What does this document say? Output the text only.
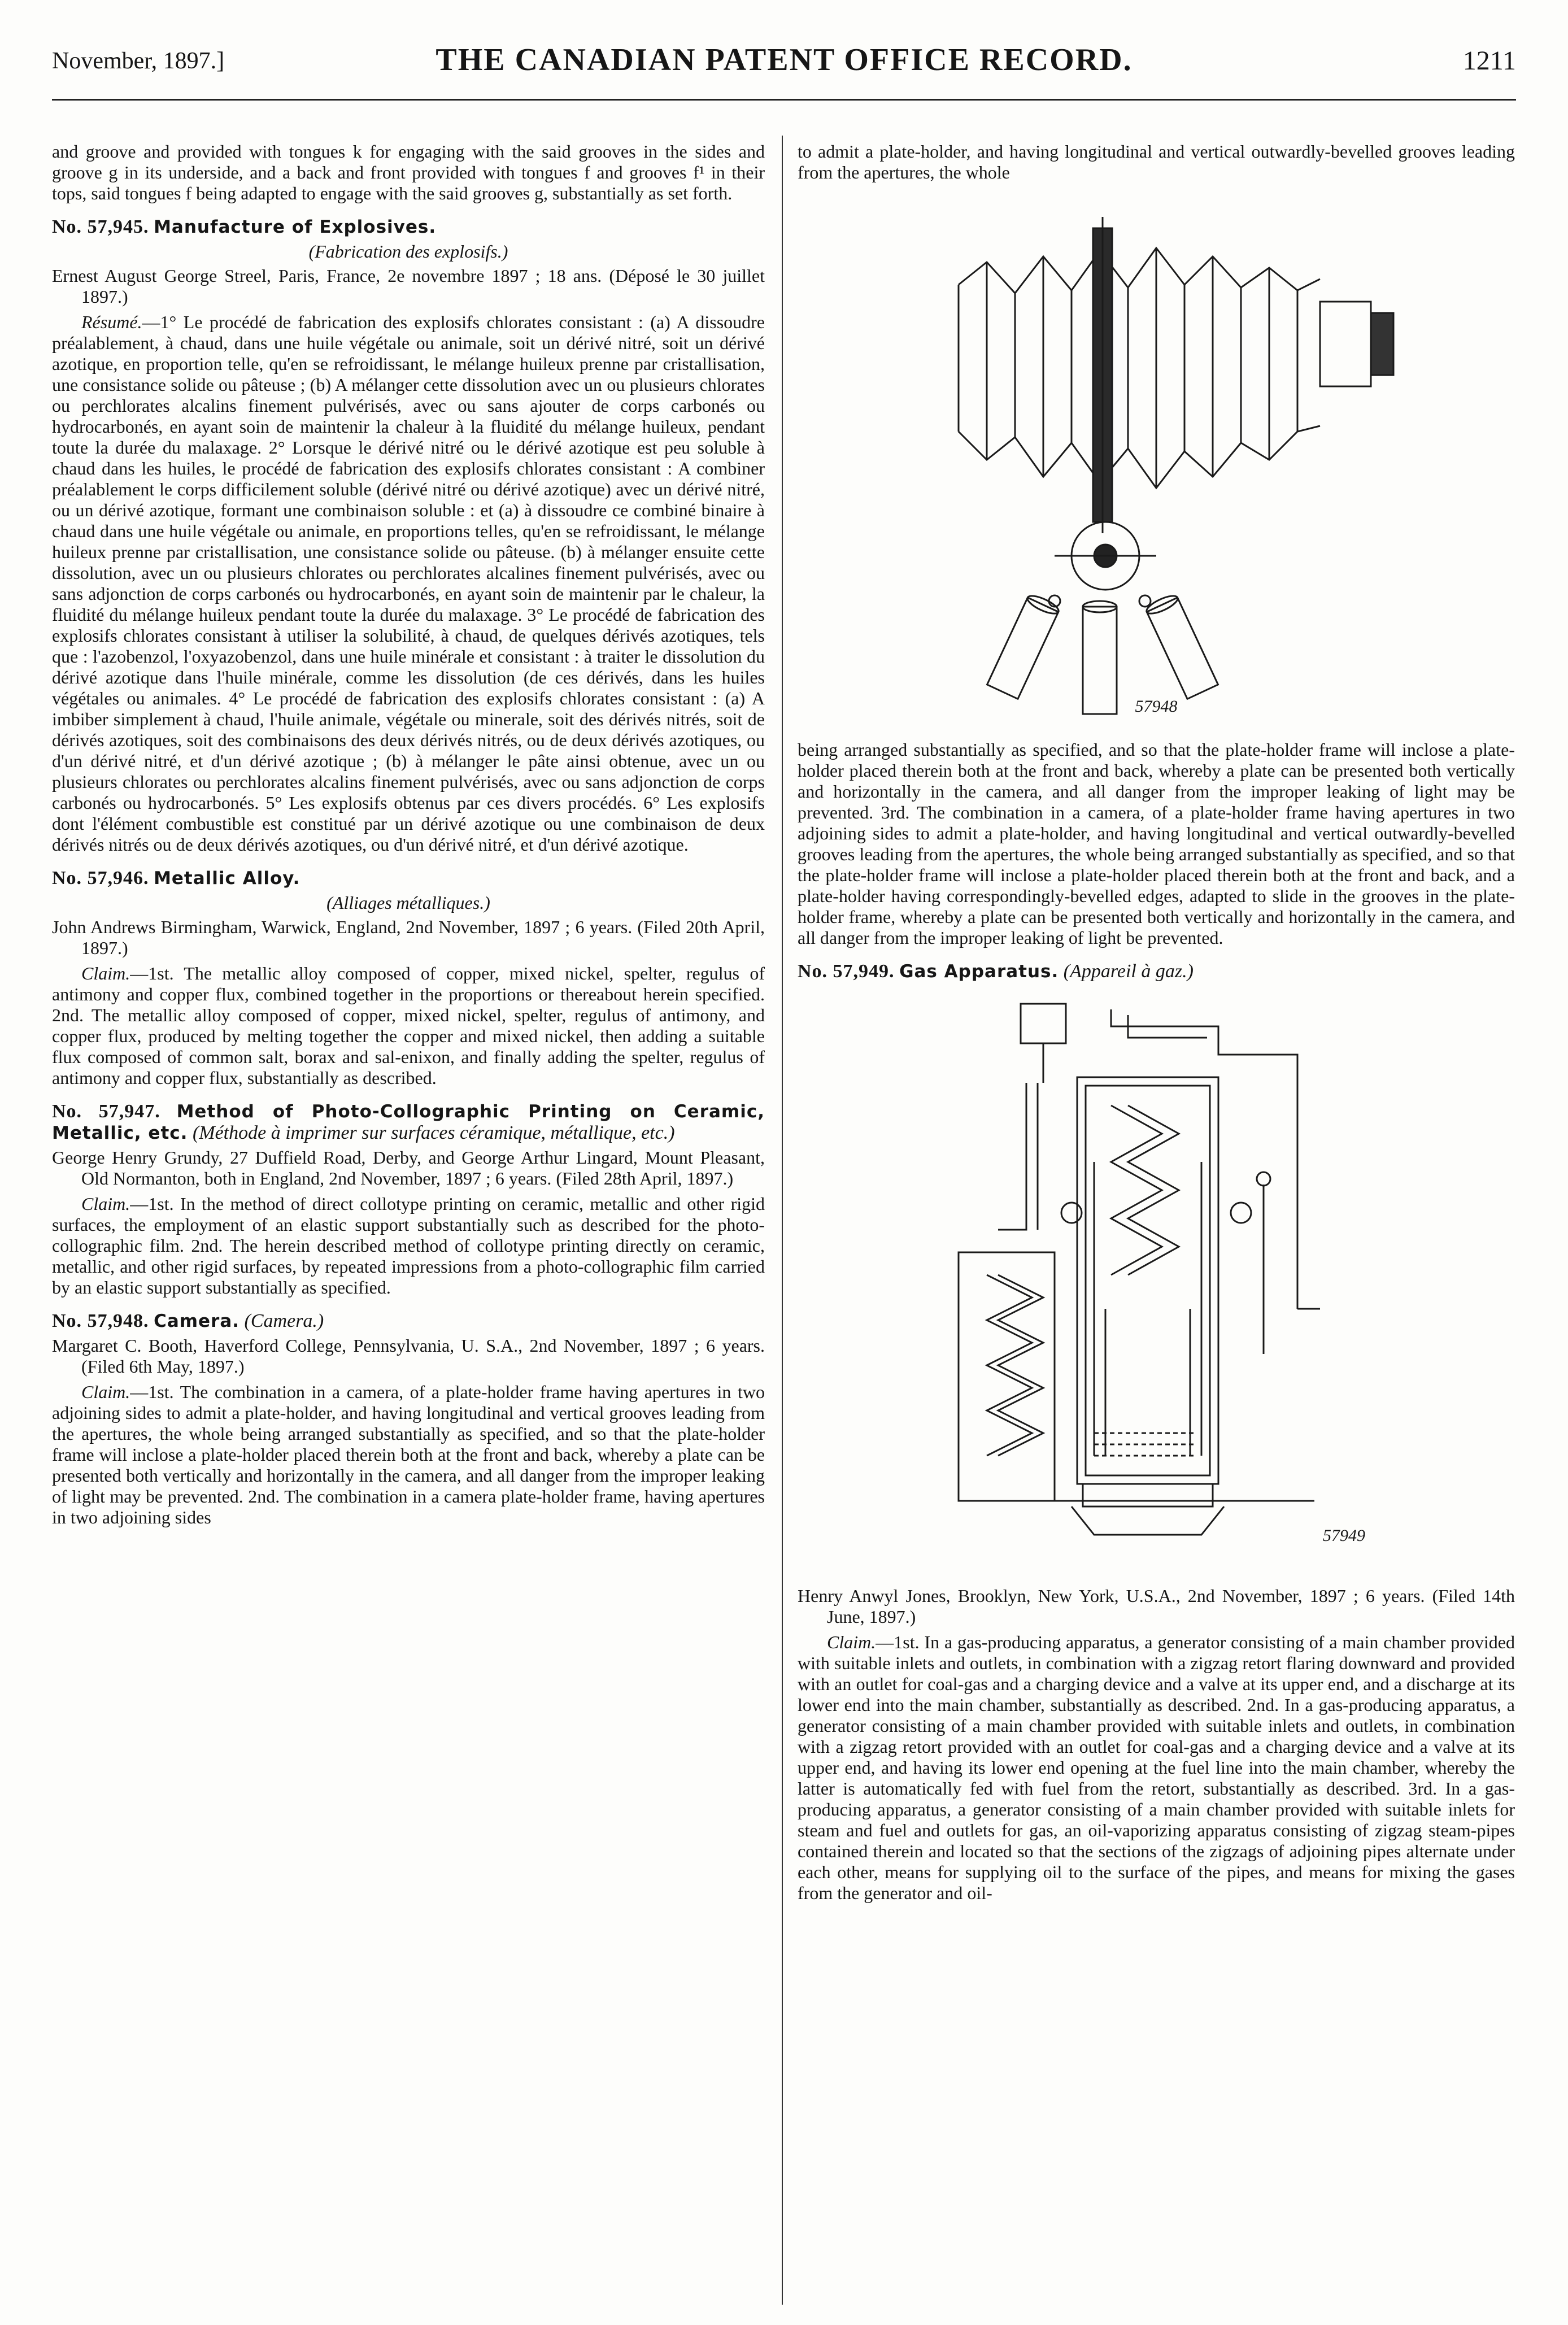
November, 1897.]	THE CANADIAN PATENT OFFICE RECORD.	1211

and groove and provided with tongues k for engaging with the said grooves in the sides and groove g in its underside, and a back and front provided with tongues f and grooves f¹ in their tops, said tongues f being adapted to engage with the said grooves g, substantially as set forth.

No. 57,945. Manufacture of Explosives.

(Fabrication des explosifs.)

Ernest August George Streel, Paris, France, 2e novembre 1897 ; 18 ans. (Déposé le 30 juillet 1897.)

Résumé.—1° Le procédé de fabrication des explosifs chlorates consistant : (a) A dissoudre préalablement, à chaud, dans une huile végétale ou animale, soit un dérivé nitré, soit un dérivé azotique, en proportion telle, qu'en se refroidissant, le mélange huileux prenne par cristallisation, une consistance solide ou pâteuse ; (b) A mélanger cette dissolution avec un ou plusieurs chlorates ou perchlorates alcalins finement pulvérisés, avec ou sans ajouter de corps carbonés ou hydrocarbonés, en ayant soin de maintenir la chaleur à la fluidité du mélange huileux, pendant toute la durée du malaxage. 2° Lorsque le dérivé nitré ou le dérivé azotique est peu soluble à chaud dans les huiles, le procédé de fabrication des explosifs chlorates consistant : A combiner préalablement le corps difficilement soluble (dérivé nitré ou dérivé azotique) avec un dérivé nitré, ou un dérivé azotique, formant une combinaison soluble : et (a) à dissoudre ce combiné binaire à chaud dans une huile végétale ou animale, en proportions telles, qu'en se refroidissant, le mélange huileux prenne par cristallisation, une consistance solide ou pâteuse. (b) à mélanger ensuite cette dissolution, avec un ou plusieurs chlorates ou perchlorates alcalines finement pulvérisés, avec ou sans adjonction de corps carbonés ou hydrocarbonés, en ayant soin de maintenir par le chaleur, la fluidité du mélange huileux pendant toute la durée du malaxage. 3° Le procédé de fabrication des explosifs chlorates consistant à utiliser la solubilité, à chaud, de quelques dérivés azotiques, tels que : l'azobenzol, l'oxyazobenzol, dans une huile minérale et consistant : à traiter le dissolution du dérivé azotique dans l'huile minérale, comme les dissolution (de ces dérivés, dans les huiles végétales ou animales. 4° Le procédé de fabrication des explosifs chlorates consistant : (a) A imbiber simplement à chaud, l'huile animale, végétale ou minerale, soit des dérivés nitrés, soit de dérivés azotiques, soit des combinaisons des deux dérivés nitrés, ou de deux dérivés azotiques, ou d'un dérivé nitré, et d'un dérivé azotique ; (b) à mélanger le pâte ainsi obtenue, avec un ou plusieurs chlorates ou perchlorates alcalins finement pulvérisés, avec ou sans adjonction de corps carbonés ou hydrocarbonés. 5° Les explosifs obtenus par ces divers procédés. 6° Les explosifs dont l'élément combustible est constitué par un dérivé azotique ou une combinaison de deux dérivés nitrés ou de deux dérivés azotiques, ou d'un dérivé nitré, et d'un dérivé azotique.

No. 57,946. Metallic Alloy.

(Alliages métalliques.)

John Andrews Birmingham, Warwick, England, 2nd November, 1897 ; 6 years. (Filed 20th April, 1897.)

Claim.—1st. The metallic alloy composed of copper, mixed nickel, spelter, regulus of antimony and copper flux, combined together in the proportions or thereabout herein specified. 2nd. The metallic alloy composed of copper, mixed nickel, spelter, regulus of antimony, and copper flux, produced by melting together the copper and mixed nickel, then adding a suitable flux composed of common salt, borax and sal-enixon, and finally adding the spelter, regulus of antimony and copper flux, substantially as described.

No. 57,947. Method of Photo-Collographic Printing on Ceramic, Metallic, etc. (Méthode à imprimer sur surfaces céramique, métallique, etc.)

George Henry Grundy, 27 Duffield Road, Derby, and George Arthur Lingard, Mount Pleasant, Old Normanton, both in England, 2nd November, 1897 ; 6 years. (Filed 28th April, 1897.)

Claim.—1st. In the method of direct collotype printing on ceramic, metallic and other rigid surfaces, the employment of an elastic support substantially such as described for the photo-collographic film. 2nd. The herein described method of collotype printing directly on ceramic, metallic, and other rigid surfaces, by repeated impressions from a photo-collographic film carried by an elastic support substantially as specified.

No. 57,948. Camera. (Camera.)

Margaret C. Booth, Haverford College, Pennsylvania, U. S.A., 2nd November, 1897 ; 6 years. (Filed 6th May, 1897.)

Claim.—1st. The combination in a camera, of a plate-holder frame having apertures in two adjoining sides to admit a plate-holder, and having longitudinal and vertical grooves leading from the apertures, the whole being arranged substantially as specified, and so that the plate-holder frame will inclose a plate-holder placed therein both at the front and back, whereby a plate can be presented both vertically and horizontally in the camera, and all danger from the improper leaking of light may be prevented. 2nd. The combination in a camera plate-holder frame, having apertures in two adjoining sides

to admit a plate-holder, and having longitudinal and vertical outwardly-bevelled grooves leading from the apertures, the whole

57948

being arranged substantially as specified, and so that the plate-holder frame will inclose a plate-holder placed therein both at the front and back, whereby a plate can be presented both vertically and horizontally in the camera, and all danger from the improper leaking of light may be prevented. 3rd. The combination in a camera, of a plate-holder frame having apertures in two adjoining sides to admit a plate-holder, and having longitudinal and vertical outwardly-bevelled grooves leading from the apertures, the whole being arranged substantially as specified, and so that the plate-holder frame will inclose a plate-holder placed therein both at the front and back, and a plate-holder having correspondingly-bevelled edges, adapted to slide in the grooves in the plate-holder frame, whereby a plate can be presented both vertically and horizontally in the camera, and all danger from the improper leaking of light be prevented.

No. 57,949. Gas Apparatus. (Appareil à gaz.)
57949

Henry Anwyl Jones, Brooklyn, New York, U.S.A., 2nd November, 1897 ; 6 years. (Filed 14th June, 1897.)

Claim.—1st. In a gas-producing apparatus, a generator consisting of a main chamber provided with suitable inlets and outlets, in combination with a zigzag retort flaring downward and provided with an outlet for coal-gas and a charging device and a valve at its upper end, and a discharge at its lower end into the main chamber, substantially as described. 2nd. In a gas-producing apparatus, a generator consisting of a main chamber provided with suitable inlets and outlets, in combination with a zigzag retort provided with an outlet for coal-gas and a charging device and a valve at its upper end, and having its lower end opening at the fuel line into the main chamber, whereby the latter is automatically fed with fuel from the retort, substantially as described. 3rd. In a gas-producing apparatus, a generator consisting of a main chamber provided with suitable inlets for steam and fuel and outlets for gas, an oil-vaporizing apparatus consisting of zigzag steam-pipes contained therein and located so that the sections of the zigzags of adjoining pipes alternate under each other, means for supplying oil to the surface of the pipes, and means for mixing the gases from the generator and oil-
